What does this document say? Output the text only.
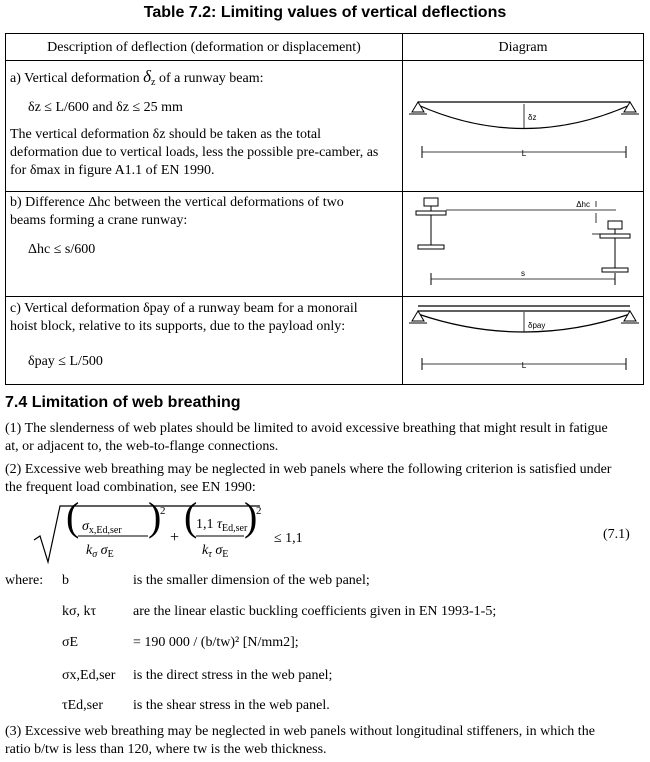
Table 7.2: Limiting values of vertical deflections
Description of deflection (deformation or displacement)	Diagram
a) Vertical deformation $\delta_z$ of a runway beam:
δz ≤ L/600 and δz ≤ 25 mm
The vertical deformation δz should be taken as the total
deformation due to vertical loads, less the possible pre-camber, as
for δmax in figure A1.1 of EN 1990.
b) Difference Δhc between the vertical deformations of two
beams forming a crane runway:
Δhc ≤ s/600
c) Vertical deformation δpay of a runway beam for a monorail
hoist block, relative to its supports, due to the payload only:
δpay ≤ L/500
δz
L
Δhc
s
δpay
L
7.4 Limitation of web breathing
(1) The slenderness of web plates should be limited to avoid excessive breathing that might result in fatigue
at, or adjacent to, the web-to-flange connections.
(2) Excessive web breathing may be neglected in web panels where the following criterion is satisfied under
the frequent load combination, see EN 1990:
( $\sigma_{x,Ed,ser}$
$k_\sigma$ $\sigma_E$
)
2
+ (
1,1 $\tau_{Ed,ser}$
$k_\tau$ $\sigma_E$
)
2
≤ 1,1	(7.1)
where: b	is the smaller dimension of the web panel;
kσ, kτ	are the linear elastic buckling coefficients given in EN 1993-1-5;
σE	= 190 000 / (b/tw)² [N/mm2];
σx,Ed,ser is the direct stress in the web panel;
τEd,ser is the shear stress in the web panel.
(3) Excessive web breathing may be neglected in web panels without longitudinal stiffeners, in which the
ratio b/tw is less than 120, where tw is the web thickness.
